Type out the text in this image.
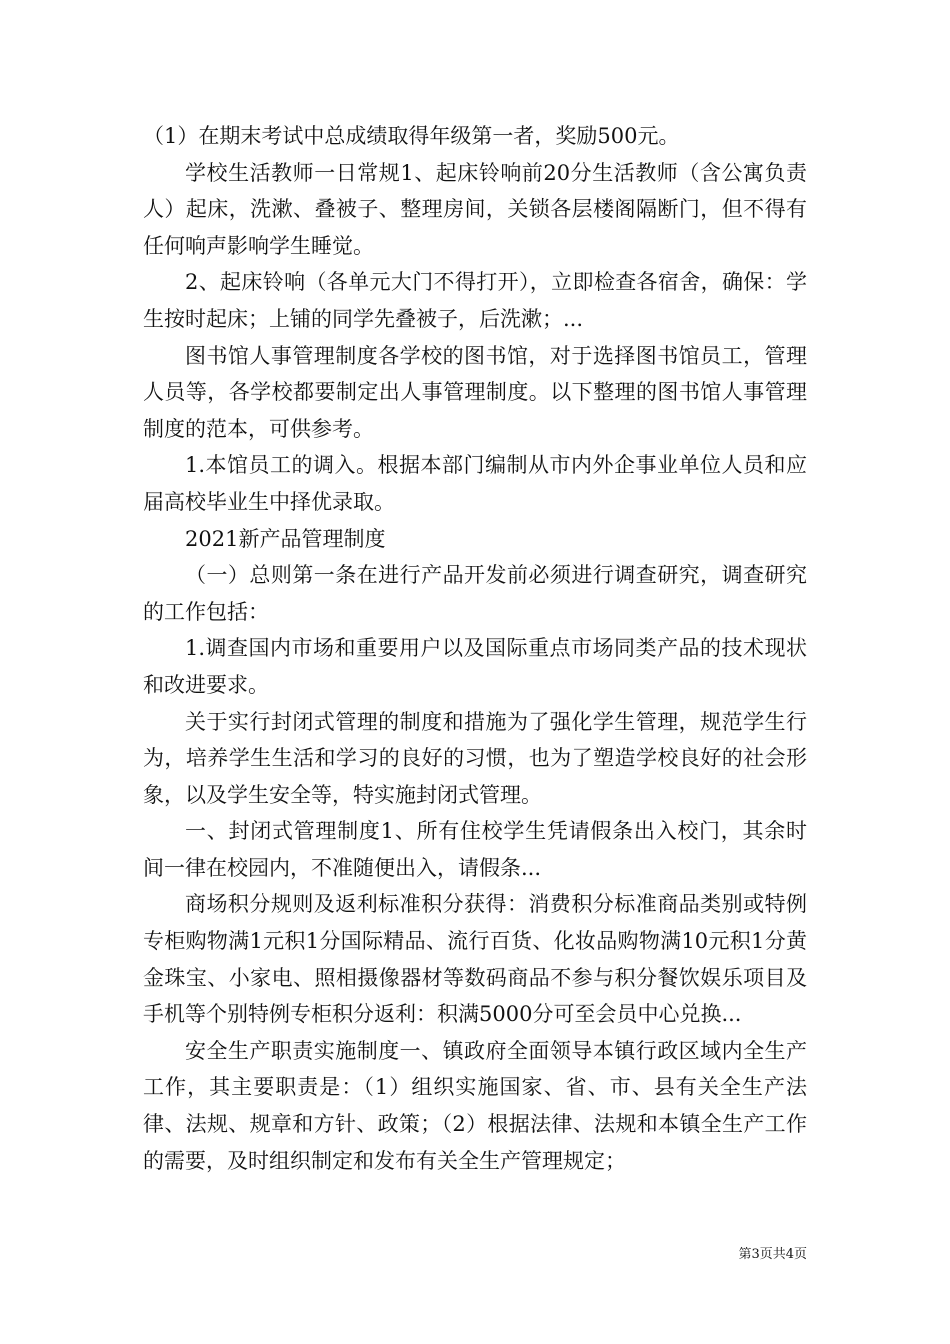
（1）在期末考试中总成绩取得年级第一者，奖励500元。

学校生活教师一日常规1、起床铃响前20分生活教师（含公寓负责人）起床，洗漱、叠被子、整理房间，关锁各层楼阁隔断门，但不得有任何响声影响学生睡觉。

2、起床铃响（各单元大门不得打开），立即检查各宿舍，确保：学生按时起床；上铺的同学先叠被子，后洗漱；...

图书馆人事管理制度各学校的图书馆，对于选择图书馆员工，管理人员等，各学校都要制定出人事管理制度。以下整理的图书馆人事管理制度的范本，可供参考。

1.本馆员工的调入。根据本部门编制从市内外企事业单位人员和应届高校毕业生中择优录取。

2021新产品管理制度

（一）总则第一条在进行产品开发前必须进行调查研究，调查研究的工作包括：

1.调查国内市场和重要用户以及国际重点市场同类产品的技术现状和改进要求。

关于实行封闭式管理的制度和措施为了强化学生管理，规范学生行为，培养学生生活和学习的良好的习惯，也为了塑造学校良好的社会形象，以及学生安全等，特实施封闭式管理。

一、封闭式管理制度1、所有住校学生凭请假条出入校门，其余时间一律在校园内，不准随便出入，请假条...

商场积分规则及返利标准积分获得：消费积分标准商品类别或特例专柜购物满1元积1分国际精品、流行百货、化妆品购物满10元积1分黄金珠宝、小家电、照相摄像器材等数码商品不参与积分餐饮娱乐项目及手机等个别特例专柜积分返利：积满5000分可至会员中心兑换...

安全生产职责实施制度一、镇政府全面领导本镇行政区域内全生产工作，其主要职责是：（1）组织实施国家、省、市、县有关全生产法律、法规、规章和方针、政策；（2）根据法律、法规和本镇全生产工作的需要，及时组织制定和发布有关全生产管理规定；

第3页共4页
